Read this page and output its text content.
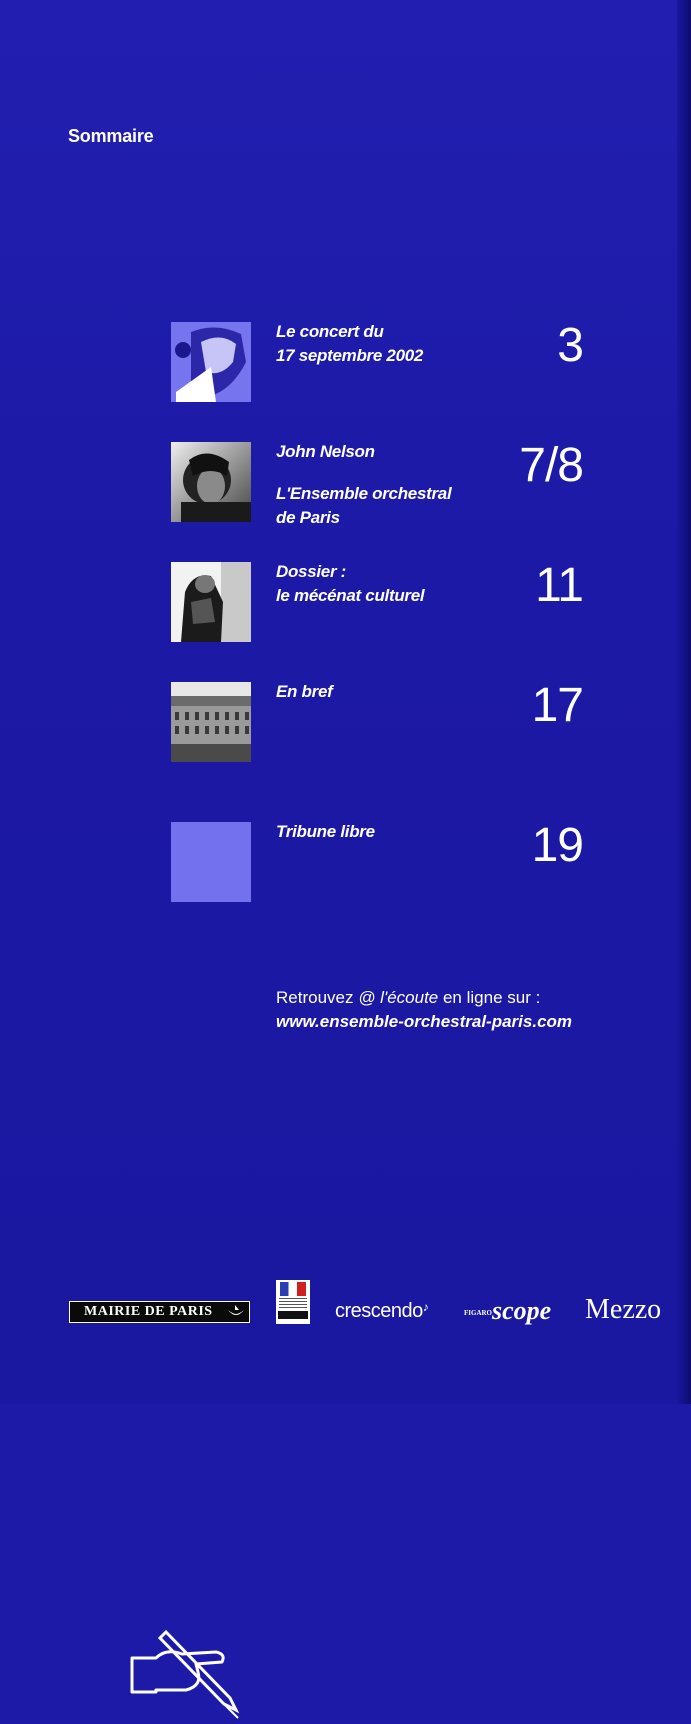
Sommaire
Le concert du
17 septembre 2002	3
John Nelson
L'Ensemble orchestral
de Paris
7/8
Dossier :
le mécénat culturel 11
En bref	17
Tribune libre	19
Retrouvez @ l'écoute en ligne sur :
www.ensemble-orchestral-paris.com
MAIRIE DE PARIS	crescendo♪	FIGAROscope Mezzo
